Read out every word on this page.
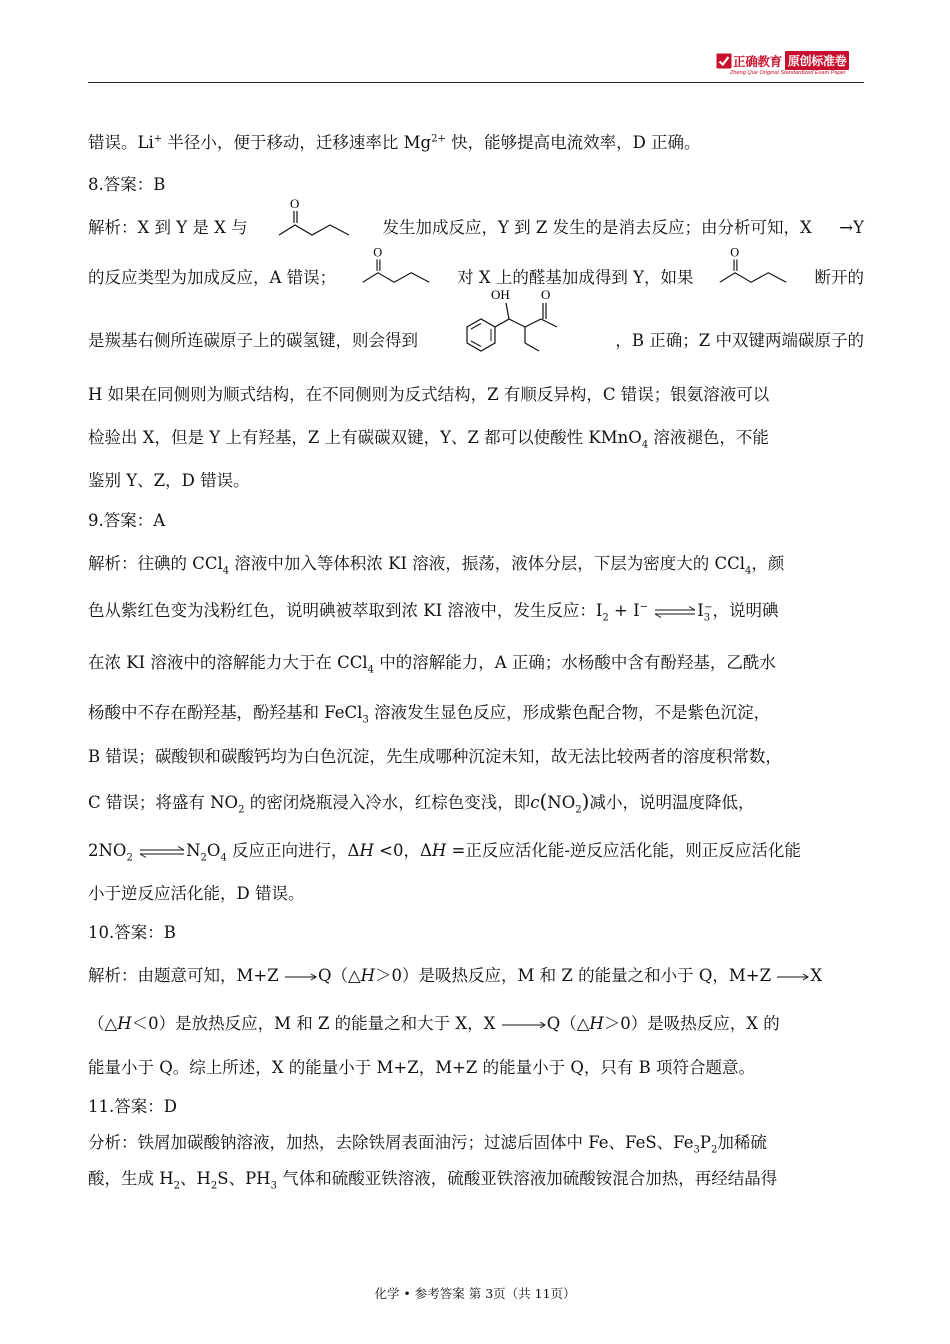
正确教育 原创标准卷
Zheng Que Original Standardized Exam Paper
错误。Li+ 半径小，便于移动，迁移速率比 $Mg^{2+}$ 快，能够提高电流效率，D 正确。
8.答案：B
解析：X 到 Y 是 X 与
O
发生加成反应，Y 到 Z 发生的是消去反应；由分析可知，X →Y
的反应类型为加成反应，A 错误；
O
对 X 上的醛基加成得到 Y，如果
O
断开的
是羰基右侧所连碳原子上的碳氢键，则会得到
OH O
，B 正确；Z 中双键两端碳原子的
H 如果在同侧则为顺式结构，在不同侧则为反式结构，Z 有顺反异构，C 错误；银氨溶液可以
检验出 X，但是 Y 上有羟基，Z 上有碳碳双键，Y、Z 都可以使酸性 KMnO$_4$ 溶液褪色，不能
鉴别 Y、Z，D 错误。
9.答案：A
解析：往碘的 CCl$_4$ 溶液中加入等体积浓 KI 溶液，振荡，液体分层，下层为密度大的 CCl$_4$，颜
色从紫红色变为浅粉红色，说明碘被萃取到浓 KI 溶液中，发生反应：$I_2 + I^-$ $\rightleftharpoons I_3^-$，说明碘
在浓 KI 溶液中的溶解能力大于在 CCl$_4$ 中的溶解能力，A 正确；水杨酸中含有酚羟基，乙酰水
杨酸中不存在酚羟基，酚羟基和 FeCl$_3$ 溶液发生显色反应，形成紫色配合物，不是紫色沉淀，
B 错误；碳酸钡和碳酸钙均为白色沉淀，先生成哪种沉淀未知，故无法比较两者的溶度积常数，
C 错误；将盛有 $NO_2$ 的密闭烧瓶浸入冷水，红棕色变浅，即$c(NO_2)$减小，说明温度降低，
$2NO_2$ $\rightleftharpoons N_2O_4$ 反应正向进行，ΔH <0，ΔH =正反应活化能-逆反应活化能，则正反应活化能
小于逆反应活化能，D 错误。
10.答案：B
解析：由题意可知，M+Z Q（△H＞0）是吸热反应，M 和 Z 的能量之和小于 Q，M+Z X
（△H＜0）是放热反应，M 和 Z 的能量之和大于 X，X	Q（△H＞0）是吸热反应，X 的
能量小于 Q。综上所述，X 的能量小于 M+Z，M+Z 的能量小于 Q，只有 B 项符合题意。
11.答案：D
分析：铁屑加碳酸钠溶液，加热，去除铁屑表面油污；过滤后固体中 Fe、FeS、$Fe_3P_2$加稀硫
酸，生成 $H_2$、$H_2S$、$PH_3$ 气体和硫酸亚铁溶液，硫酸亚铁溶液加硫酸铵混合加热，再经结晶得
化学 • 参考答案 第 3页（共 11页）
